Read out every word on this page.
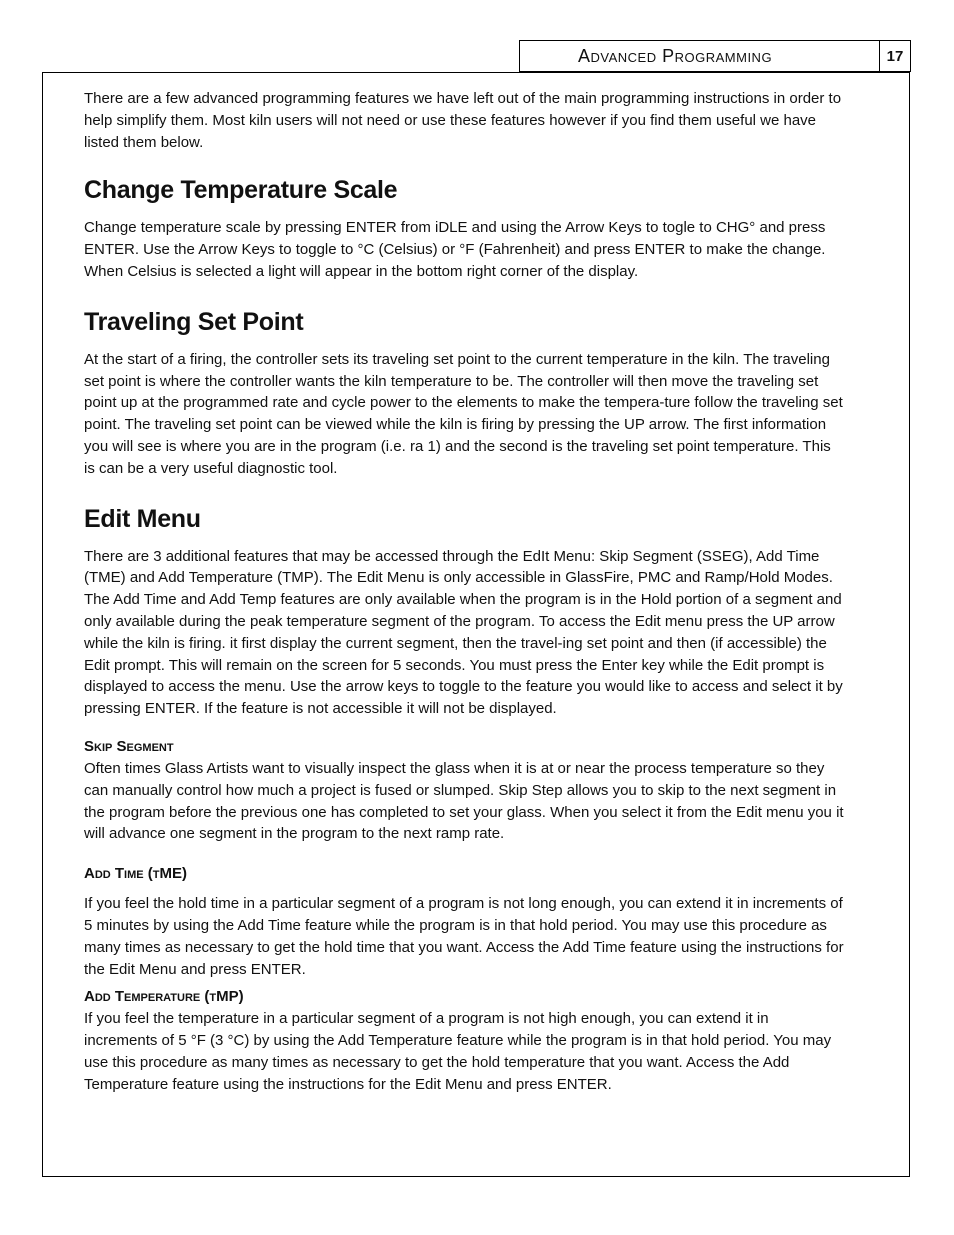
Advanced Programming	17

There are a few advanced programming features we have left out of the main programming instructions in order to help simplify them. Most kiln users will not need or use these features however if you find them useful we have listed them below.

Change Temperature Scale

Change temperature scale by pressing ENTER from iDLE and using the Arrow Keys to togle to CHG° and press ENTER. Use the Arrow Keys to toggle to °C (Celsius) or °F (Fahrenheit) and press ENTER to make the change. When Celsius is selected a light will appear in the bottom right corner of the display.

Traveling Set Point

At the start of a firing, the controller sets its traveling set point to the current temperature in the kiln. The traveling set point is where the controller wants the kiln temperature to be. The controller will then move the traveling set point up at the programmed rate and cycle power to the elements to make the tempera-ture follow the traveling set point. The traveling set point can be viewed while the kiln is firing by pressing the UP arrow. The first information you will see is where you are in the program (i.e. ra 1) and the second is the traveling set point temperature. This is can be a very useful diagnostic tool.

Edit Menu

There are 3 additional features that may be accessed through the EdIt Menu: Skip Segment (SSEG), Add Time (TME) and Add Temperature (TMP). The Edit Menu is only accessible in GlassFire, PMC and Ramp/Hold Modes. The Add Time and Add Temp features are only available when the program is in the Hold portion of a segment and only available during the peak temperature segment of the program. To access the Edit menu press the UP arrow while the kiln is firing. it first display the current segment, then the travel-ing set point and then (if accessible) the Edit prompt. This will remain on the screen for 5 seconds. You must press the Enter key while the Edit prompt is displayed to access the menu. Use the arrow keys to toggle to the feature you would like to access and select it by pressing ENTER. If the feature is not accessible it will not be displayed.

Skip Segment

Often times Glass Artists want to visually inspect the glass when it is at or near the process temperature so they can manually control how much a project is fused or slumped. Skip Step allows you to skip to the next segment in the program before the previous one has completed to set your glass. When you select it from the Edit menu you it will advance one segment in the program to the next ramp rate.

Add Time (tME)

If you feel the hold time in a particular segment of a program is not long enough, you can extend it in increments of 5 minutes by using the Add Time feature while the program is in that hold period. You may use this procedure as many times as necessary to get the hold time that you want. Access the Add Time feature using the instructions for the Edit Menu and press ENTER.

Add Temperature (tMP)

If you feel the temperature in a particular segment of a program is not high enough, you can extend it in increments of 5 °F (3 °C) by using the Add Temperature feature while the program is in that hold period. You may use this procedure as many times as necessary to get the hold temperature that you want. Access the Add Temperature feature using the instructions for the Edit Menu and press ENTER.
